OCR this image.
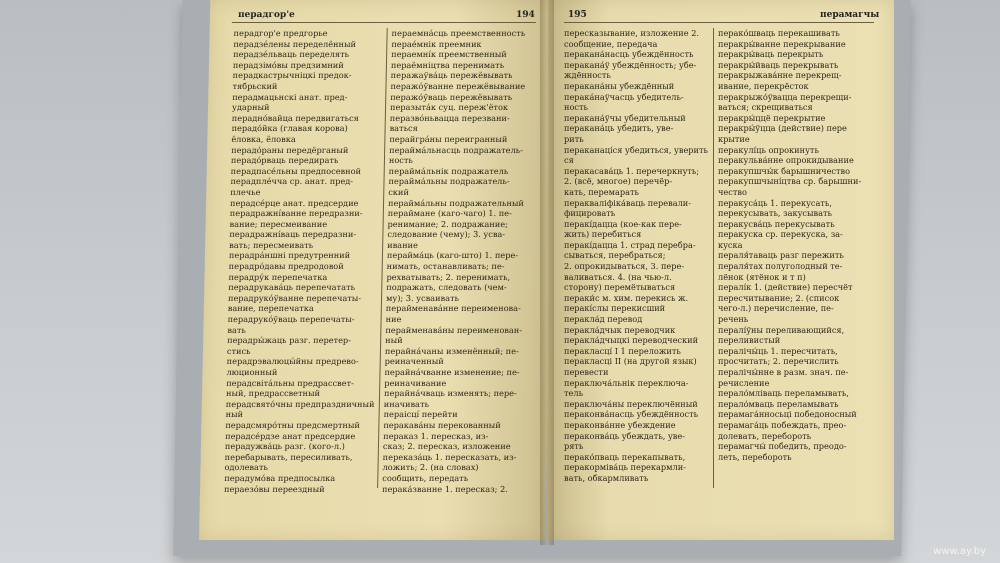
перадгор'е	194
перадгор'е предгорье
перадзе́лены переделённый
перадзе́льваць переделять
перадзімо́вы предзимний
перадкастрычніцкі предок-
тябрьский
перадмацьнскі анат. пред-
ударный
перадно́вайца передвигаться
перадо́йка (главая корова)
ёловка, ёловка
перадо́раны передёрганый
перадо́рваць передирать
перадпасе́льны предпосевной
перадпле́ччa ср. анат. пред-
плечье
перадсе́рце анат. предсердие
перадражні́ванне передразни-
вание; пересмеивание
перадражні́ваць передразни-
вать; пересмеивать
перадра́ншні предутренний
перадро́давы предродовой
перадру́к перепечатка
перадрукава́ць перепечатать
перадруко́ўванне перепечаты-
вание, перепечатка
перадруко́ўваць перепечаты-
вать
перадры́жаць разг. перетер-
стись
перадрэвалюцы́йны предрево-
люционный
перадсвіта́льны предрассвет-
ный, предрассветный
перадсвято́чны предпраздничный
ный
перадсмяро́тны предсмертный
перадсе́рдзе анат предсердие
перадужва́ць разг. (кого-л.)
перебарывать, пересиливать,
одолевать
перадумо́ва предпосылка
пераезо́вы переездный
пераемна́сць преемственность
перае́мнік преемник
пераемні́к преемственный
пераёмніцтва перенимать
перажаўва́ць пережёвывать
перажо́ўванне пережёвывание
перажо́ўваць пережёвывать
перазыта́к суц. переж'ёток
перазво́ньвацца перезвани-
ваться
перайгра́ны переигранный
перайма́льнасць подражатель-
ность
перайма́льнік подражатель
перайма́льны подражатель-
ский
перайма́льны подражательный
пераймане (каго-чаго) 1. пе-
ренимание; 2. подражание;
следование (чему); 3. усва-
ивание
перайма́ць (каго-што) 1. пере-
нимать, останавливать; пе-
рехватывать; 2. перенимать,
подражать, следовать (чем-
му); 3. усваивать
перайменава́нне переименова-
ние
перайменава́ны переименован-
ный
перайна́чаны изменённый; пе-
реиначенный
перайна́чванне изменение; пе-
реиначивание
перайна́чваць изменять; пере-
иначивать
пераісці́ перейти
перакава́ны перекованный
пераказ 1. пересказ, из-
сказ; 2. пересказ, изложение
переказа́ць 1. пересказать, из-
ложить; 2. (на словах)
сообщить, передать
перака́званне 1. пересказ; 2.
195	перамагчы
пересказывание, изложение 2.
сообщение, передача
перакана́насць убеждённость
перакана́ў убеждённость; убе-
ждённость
перакана́ны убеждённый
перака́наўчасць убедитель-
ность
перакана́ўчы убедительный
перакана́ць убедить, уве-
рить
пераканаці́ся убедиться, уверить
ся
перакасава́ць 1. перечеркнуть;
2. (всё, многое) перечёр-
кать, перемарать
перакваліфіка́ваць перевали-
фицировать
перакі́дацца (кое-как пере-
жить) перебиться
перакі́дацца 1. страд перебра-
сываться, перебраться;
2. опрокидываться, 3. пере-
валиваться. 4. (на чью-л.
сторону) перемётываться
пераки́с м. хим. перекись ж.
перакі́слы перекисший
перакла́д перевод
перакла́дчык переводчик
перакла́дчыцкі переводческий
перакласці́ I 1 переложить
перакласці II (на другой язык)
перевести
пераключа́льнік переключа-
тель
пераключа́ны переключённый
пераконва́насць убеждённость
пераконва́нне убеждение
пераконва́ць убеждать, уве-
рять
перако́пваць перекапывать,
перакорміва́ць перекармли-
вать, обкармливать
перако́шваць перекашивать
перакры́ванне перекрывание
перакры́ваць перекрыть
перакры́йваць перекрывать
перакрыжава́нне перекрещ-
ивание, перекрёсток
перакрыжо́ўвацца перекрещи-
ваться; скрещиваться
перакры́ццё перекрытие
перакры́ўцца (действие) пере
крытие
перакулі́ць опрокинуть
перакульва́нне опрокидывание
перакупшчы́к барышничество
перакупшчыні́цтва ср. барышни-
чество
перакуса́ць 1. перекусать,
перекусывать, закусывать
перакусва́ць перекусывать
перакуска ср. перекуска, за-
куска
пераля́таваць разг пережить
пераля́тах полуголодный те-
лёнок (ятёнок и т п)
пералі́к 1. (действие) пересчёт
пересчитывание; 2. (список
чего-л.) перечисление, пе-
речень
пералі́ўны переливающийся,
переливистый
пералічы́ць 1. пересчитать,
просчитать; 2. перечислить
пералічы́нне в разм. знач. пе-
речисление
перало́мліваць переламывать,
перало́мваць переламывать
перамага́нносьці победоносный
перамага́ць побеждать, прео-
долевать, перебороть
перамагчы́ победить, преодо-
леть, перебороть
www.ay.by
